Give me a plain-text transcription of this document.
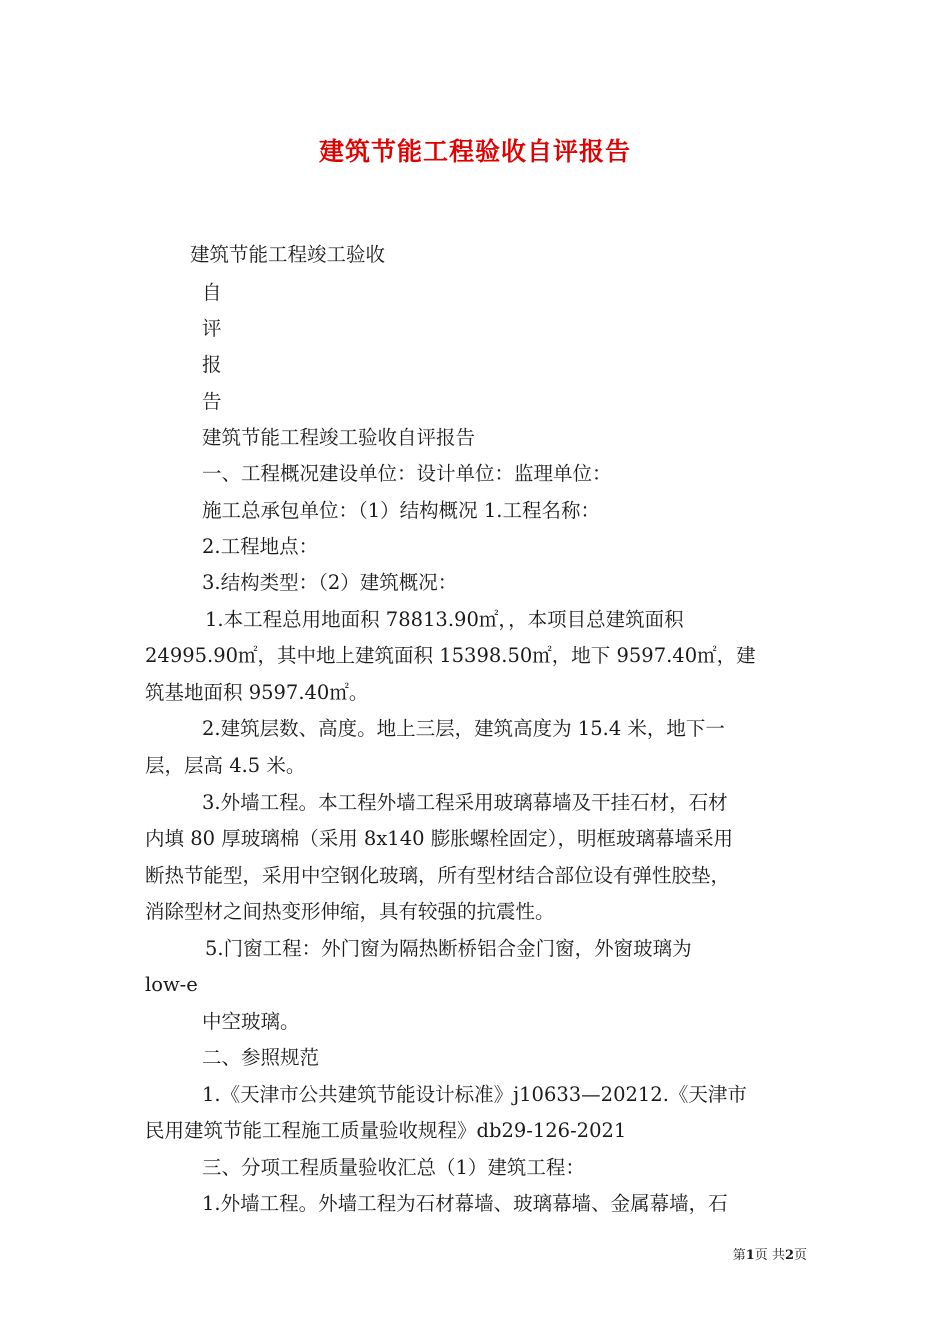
建筑节能工程验收自评报告
建筑节能工程竣工验收
自
评
报
告
建筑节能工程竣工验收自评报告
一、工程概况建设单位：设计单位：监理单位：
施工总承包单位：（1）结构概况 1.工程名称：
2.工程地点：
3.结构类型：（2）建筑概况：
1.本工程总用地面积 78813.90㎡，，本项目总建筑面积
24995.90㎡，其中地上建筑面积 15398.50㎡，地下 9597.40㎡，建
筑基地面积 9597.40㎡。
2.建筑层数、高度。地上三层，建筑高度为 15.4 米，地下一
层，层高 4.5 米。
3.外墙工程。本工程外墙工程采用玻璃幕墙及干挂石材，石材
内填 80 厚玻璃棉（采用 8x140 膨胀螺栓固定），明框玻璃幕墙采用
断热节能型，采用中空钢化玻璃，所有型材结合部位设有弹性胶垫，
消除型材之间热变形伸缩，具有较强的抗震性。
5.门窗工程：外门窗为隔热断桥铝合金门窗，外窗玻璃为
low-e
中空玻璃。
二、参照规范
1.《天津市公共建筑节能设计标准》j10633—20212.《天津市
民用建筑节能工程施工质量验收规程》db29-126-2021
三、分项工程质量验收汇总（1）建筑工程：
1.外墙工程。外墙工程为石材幕墙、玻璃幕墙、金属幕墙，石
第1页 共2页
